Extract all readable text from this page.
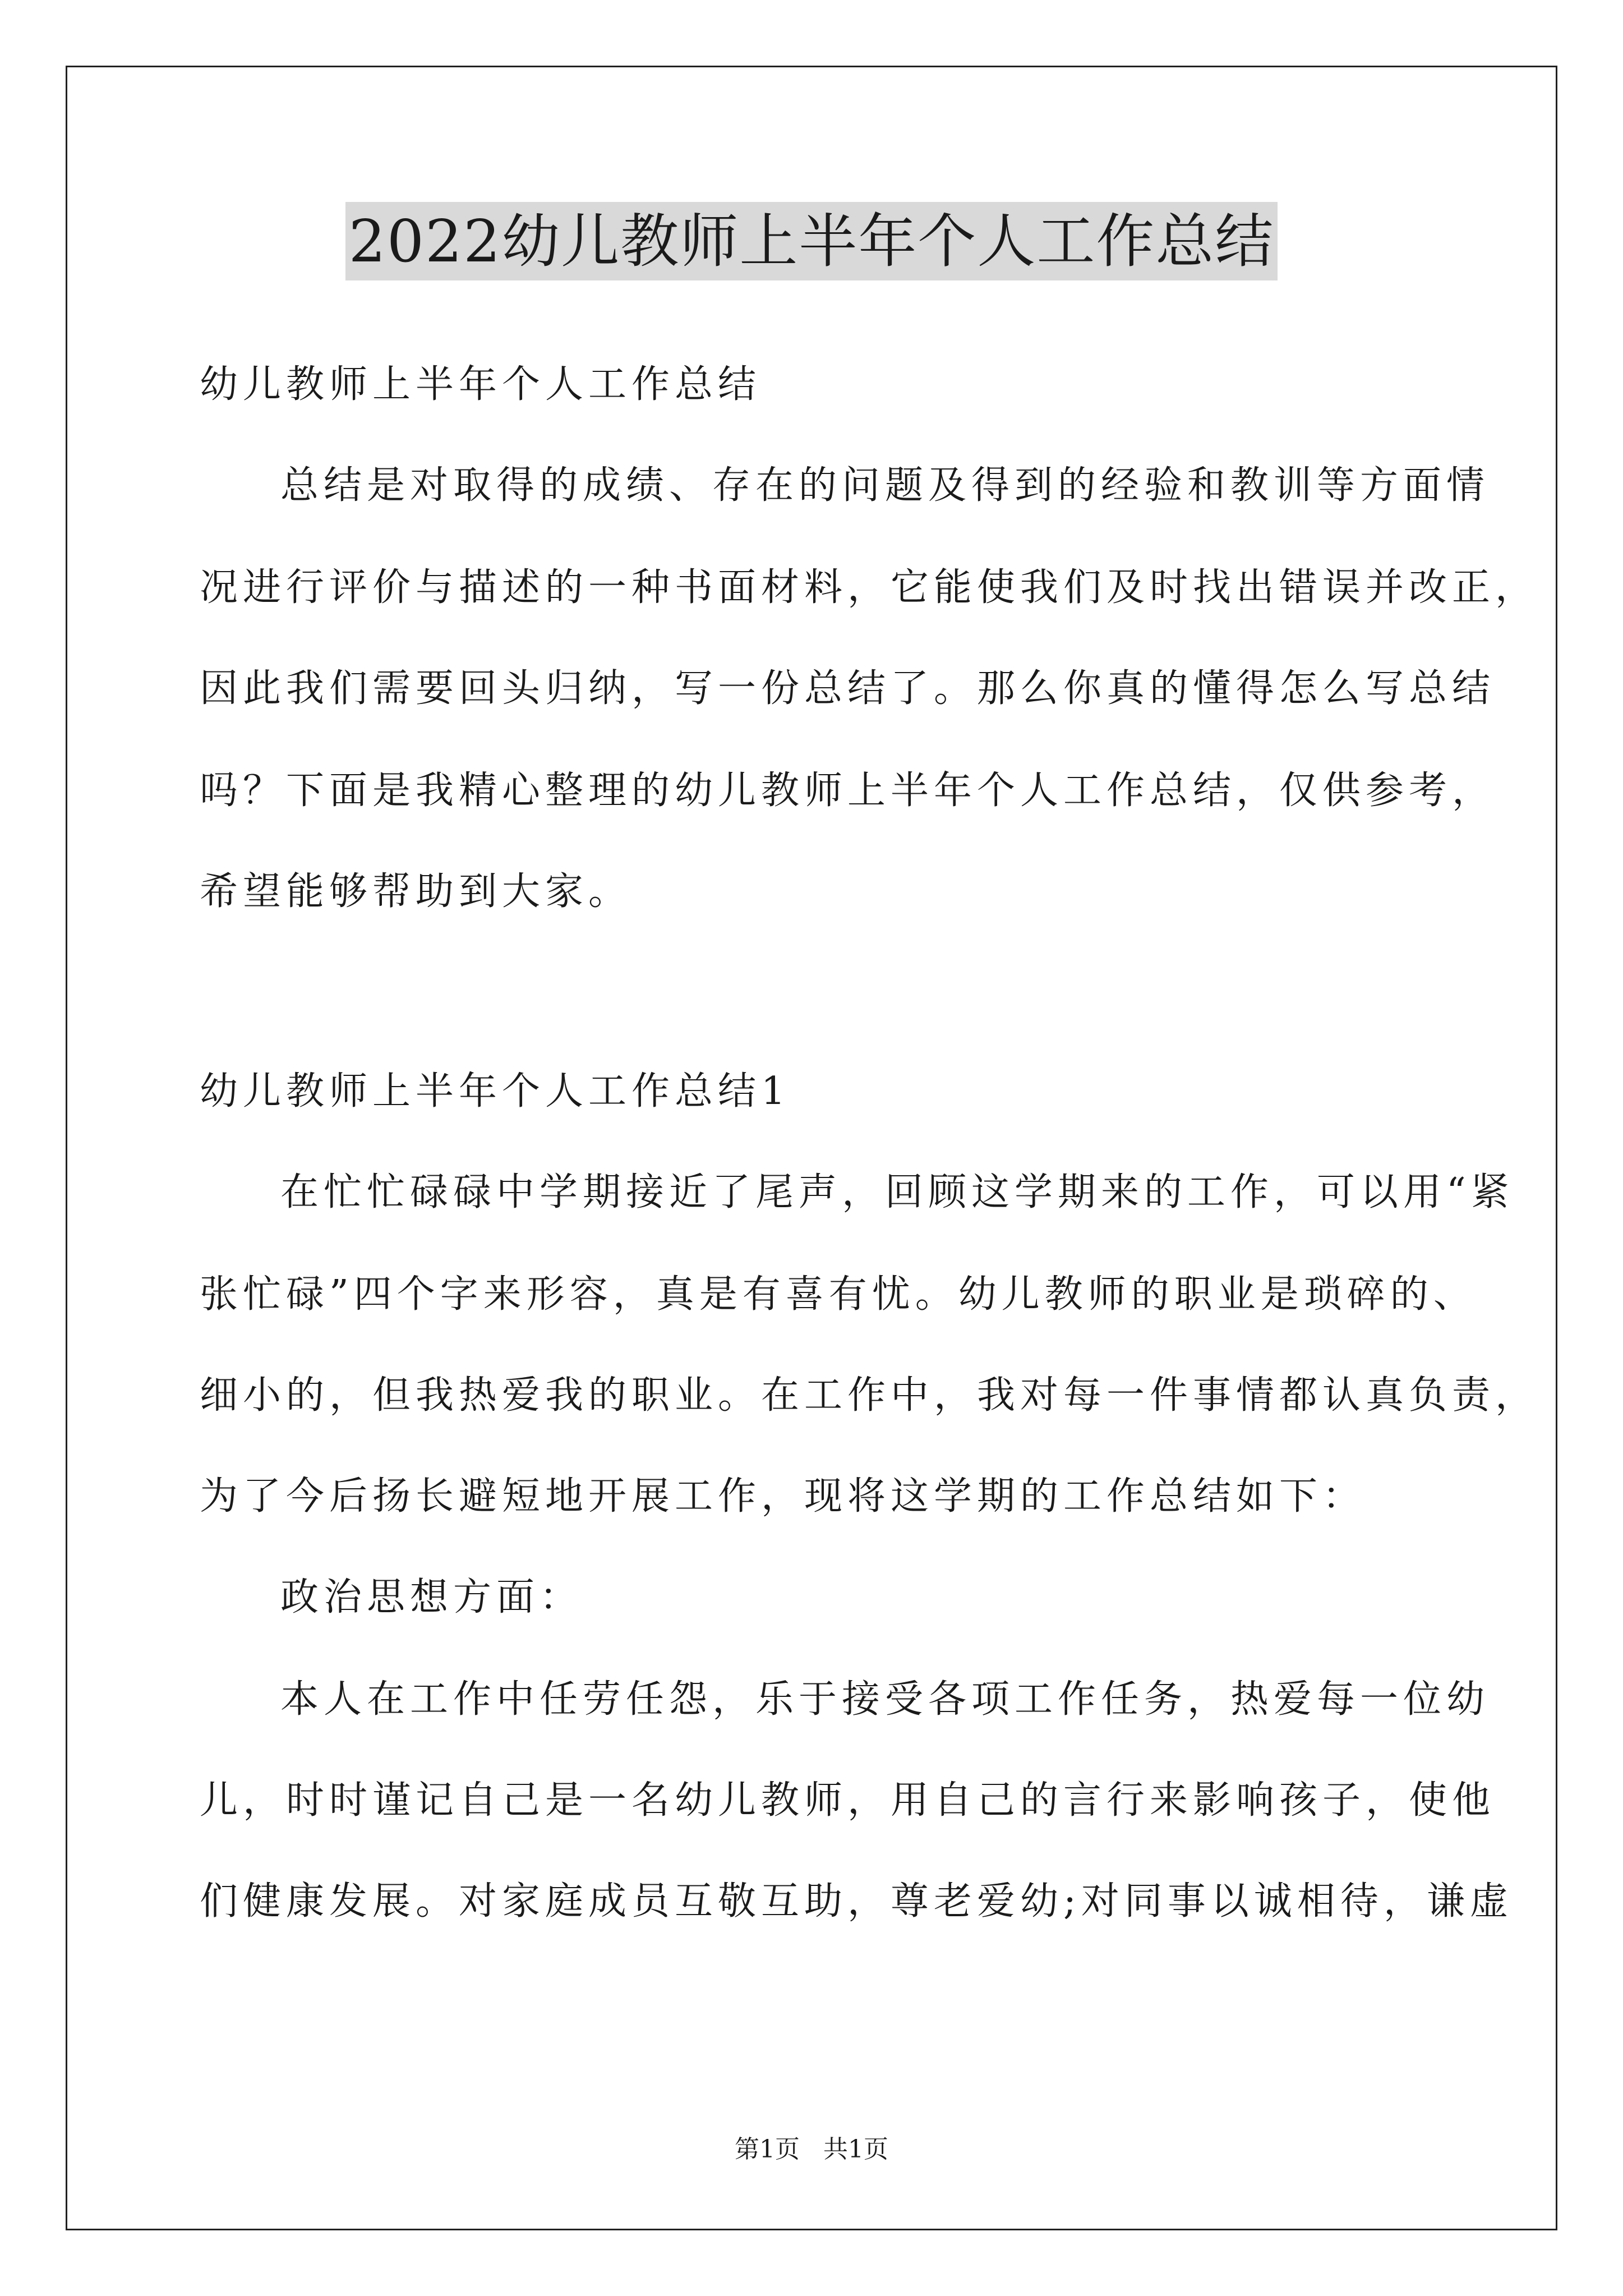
2022幼儿教师上半年个人工作总结
幼儿教师上半年个人工作总结
总结是对取得的成绩、存在的问题及得到的经验和教训等方面情
况进行评价与描述的一种书面材料，它能使我们及时找出错误并改正，
因此我们需要回头归纳，写一份总结了。那么你真的懂得怎么写总结
吗？下面是我精心整理的幼儿教师上半年个人工作总结，仅供参考，
希望能够帮助到大家。
幼儿教师上半年个人工作总结1
在忙忙碌碌中学期接近了尾声，回顾这学期来的工作，可以用“紧
张忙碌”四个字来形容，真是有喜有忧。幼儿教师的职业是琐碎的、
细小的，但我热爱我的职业。在工作中，我对每一件事情都认真负责，
为了今后扬长避短地开展工作，现将这学期的工作总结如下：
政治思想方面：
本人在工作中任劳任怨，乐于接受各项工作任务，热爱每一位幼
儿，时时谨记自己是一名幼儿教师，用自己的言行来影响孩子，使他
们健康发展。对家庭成员互敬互助，尊老爱幼;对同事以诚相待，谦虚
第1页 共1页
